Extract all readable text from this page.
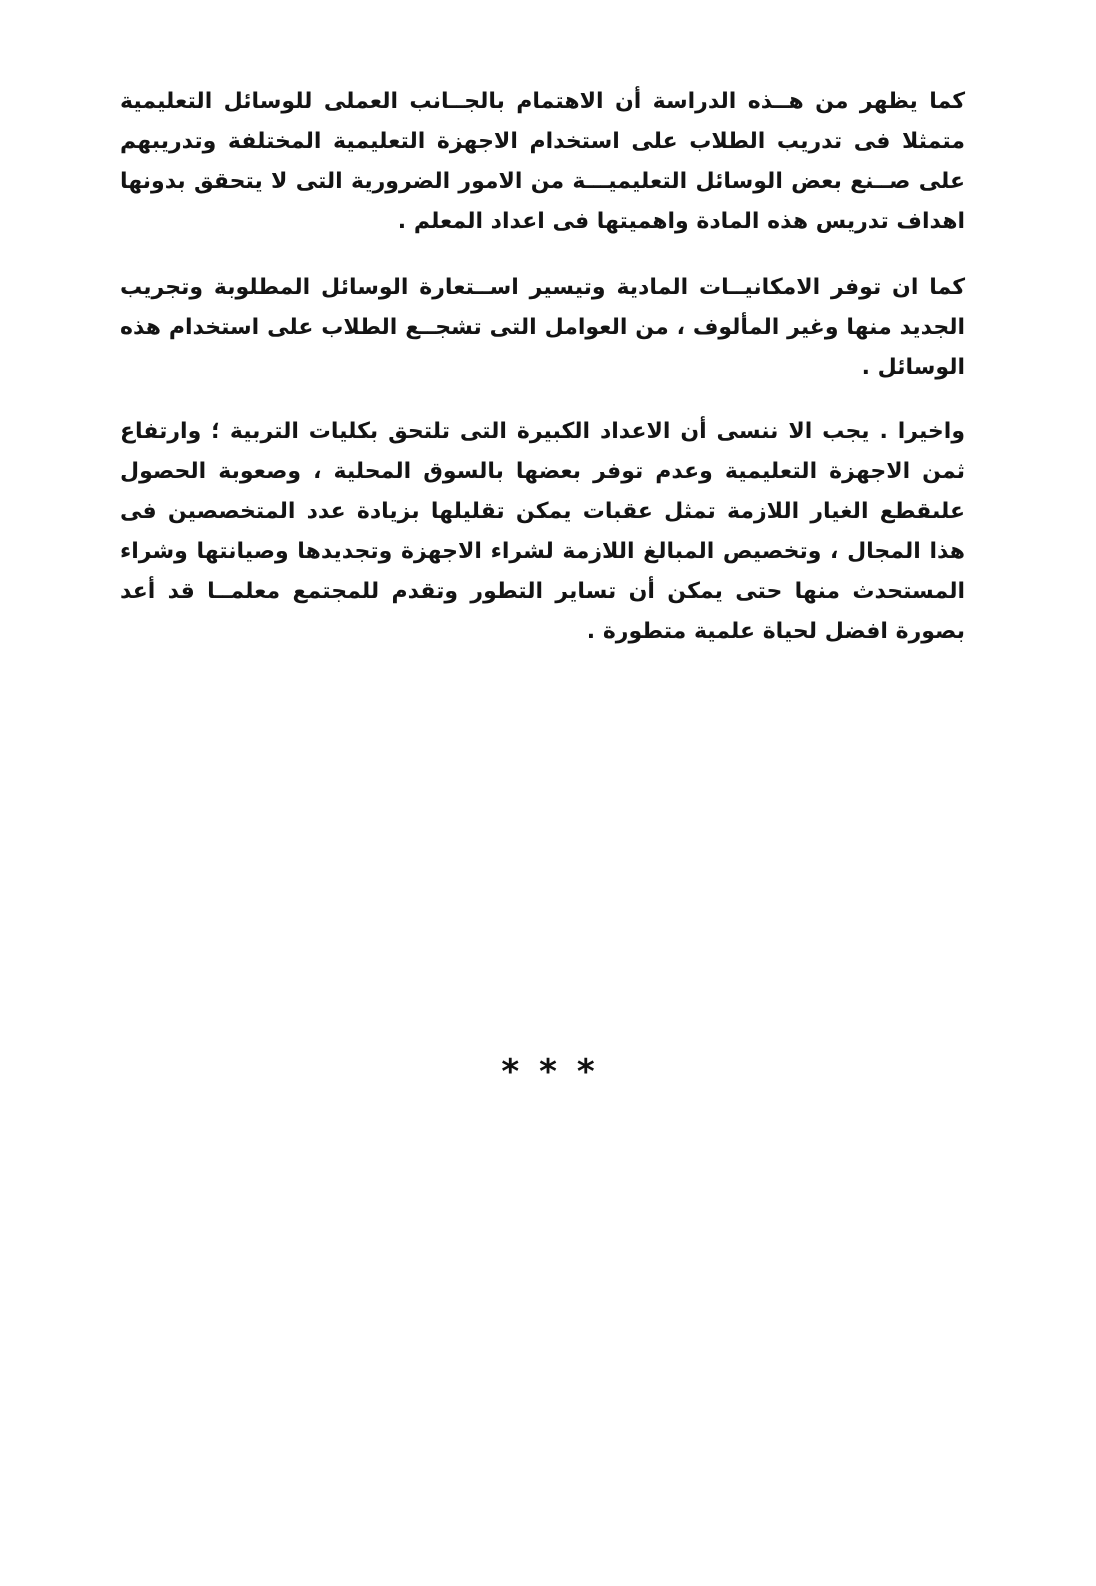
كما يظهر من هــذه الدراسة أن الاهتمام بالجــانب العملى للوسائل التعليمية متمثلا فى تدريب الطلاب على استخدام الاجهزة التعليمية المختلفة وتدريبهم على صــنع بعض الوسائل التعليميـــة من الامور الضرورية التى لا يتحقق بدونها اهداف تدريس هذه المادة واهميتها فى اعداد المعلم .

كما ان توفر الامكانيــات المادية وتيسير اســتعارة الوسائل المطلوبة وتجريب الجديد منها وغير المألوف ، من العوامل التى تشجــع الطلاب على استخدام هذه الوسائل .

واخيرا . يجب الا ننسى أن الاعداد الكبيرة التى تلتحق بكليات التربية ؛ وارتفاع ثمن الاجهزة التعليمية وعدم توفر بعضها بالسوق المحلية ، وصعوبة الحصول علىقطع الغيار اللازمة تمثل عقبات يمكن تقليلها بزيادة عدد المتخصصين فى هذا المجال ، وتخصيص المبالغ اللازمة لشراء الاجهزة وتجديدها وصيانتها وشراء المستحدث منها حتى يمكن أن تساير التطور وتقدم للمجتمع معلمــا قد أعد بصورة افضل لحياة علمية متطورة .

***
